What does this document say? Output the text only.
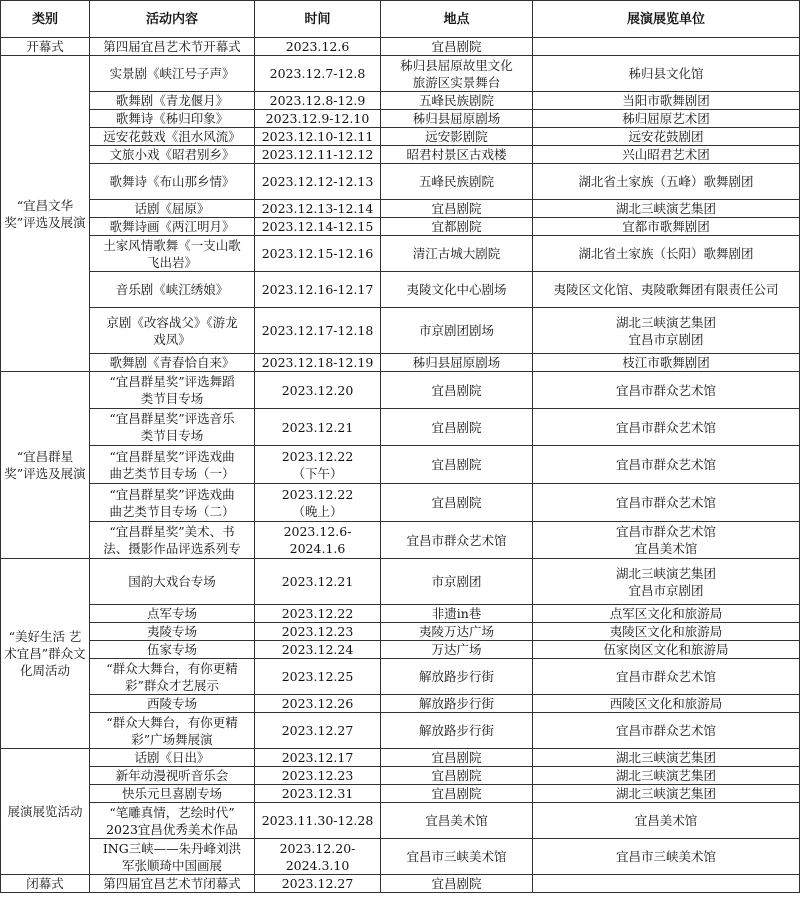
类别	活动内容	时间	地点	展演展览单位
开幕式	第四届宜昌艺术节开幕式	2023.12.6	宜昌剧院	

“宜昌文华奖”评选及展演	实景剧《峡江号子声》	2023.12.7-12.8	秭归县屈原故里文化
旅游区实景舞台	秭归县文化馆

	歌舞剧《青龙偃月》	2023.12.8-12.9	五峰民族剧院	当阳市歌舞剧团

	歌舞诗《秭归印象》	2023.12.9-12.10	秭归县屈原剧场	秭归屈原艺术团

	远安花鼓戏《沮水风流》	2023.12.10-12.11	远安影剧院	远安花鼓剧团

	文旅小戏《昭君别乡》	2023.12.11-12.12	昭君村景区古戏楼	兴山昭君艺术团

	歌舞诗《布山那乡情》	2023.12.12-12.13	五峰民族剧院	湖北省土家族（五峰）歌舞剧团

	话剧《屈原》	2023.12.13-12.14	宜昌剧院	湖北三峡演艺集团

	歌舞诗画《两江明月》	2023.12.14-12.15	宜都剧院	宜都市歌舞剧团

	土家风情歌舞《一支山歌
飞出岩》	2023.12.15-12.16	清江古城大剧院	湖北省土家族（长阳）歌舞剧团

	音乐剧《峡江绣娘》	2023.12.16-12.17	夷陵文化中心剧场	夷陵区文化馆、夷陵歌舞团有限责任公司

	京剧《改容战父》《游龙
戏凤》	2023.12.17-12.18	市京剧团剧场	湖北三峡演艺集团
宜昌市京剧团

	歌舞剧《青春恰自来》	2023.12.18-12.19	秭归县屈原剧场	枝江市歌舞剧团

“宜昌群星奖”评选及展演	“宜昌群星奖”评选舞蹈
类节目专场	2023.12.20	宜昌剧院	宜昌市群众艺术馆

	“宜昌群星奖”评选音乐
类节目专场	2023.12.21	宜昌剧院	宜昌市群众艺术馆

	“宜昌群星奖”评选戏曲
曲艺类节目专场（一）	2023.12.22
（下午）	宜昌剧院	宜昌市群众艺术馆

	“宜昌群星奖”评选戏曲
曲艺类节目专场（二）	2023.12.22
（晚上）	宜昌剧院	宜昌市群众艺术馆

	“宜昌群星奖”美术、书
法、摄影作品评选系列专	2023.12.6-2024.1.6	宜昌市群众艺术馆	宜昌市群众艺术馆
宜昌美术馆

“美好生活 艺术宜昌”群众文化周活动	国韵大戏台专场	2023.12.21	市京剧团	湖北三峡演艺集团
宜昌市京剧团

	点军专场	2023.12.22	非遗in巷	点军区文化和旅游局

	夷陵专场	2023.12.23	夷陵万达广场	夷陵区文化和旅游局

	伍家专场	2023.12.24	万达广场	伍家岗区文化和旅游局

	“群众大舞台，有你更精
彩”群众才艺展示	2023.12.25	解放路步行街	宜昌市群众艺术馆

	西陵专场	2023.12.26	解放路步行街	西陵区文化和旅游局

	“群众大舞台，有你更精
彩”广场舞展演	2023.12.27	解放路步行街	宜昌市群众艺术馆

展演展览活动	话剧《日出》	2023.12.17	宜昌剧院	湖北三峡演艺集团

	新年动漫视听音乐会	2023.12.23	宜昌剧院	湖北三峡演艺集团

	快乐元旦喜剧专场	2023.12.31	宜昌剧院	湖北三峡演艺集团

	“笔雕真情，艺绘时代”
2023宜昌优秀美术作品	2023.11.30-12.28	宜昌美术馆	宜昌美术馆

	ING三峡——朱丹峰刘洪
军张顺琦中国画展	2023.12.20-
2024.3.10	宜昌市三峡美术馆	宜昌市三峡美术馆

闭幕式	第四届宜昌艺术节闭幕式	2023.12.27	宜昌剧院	
